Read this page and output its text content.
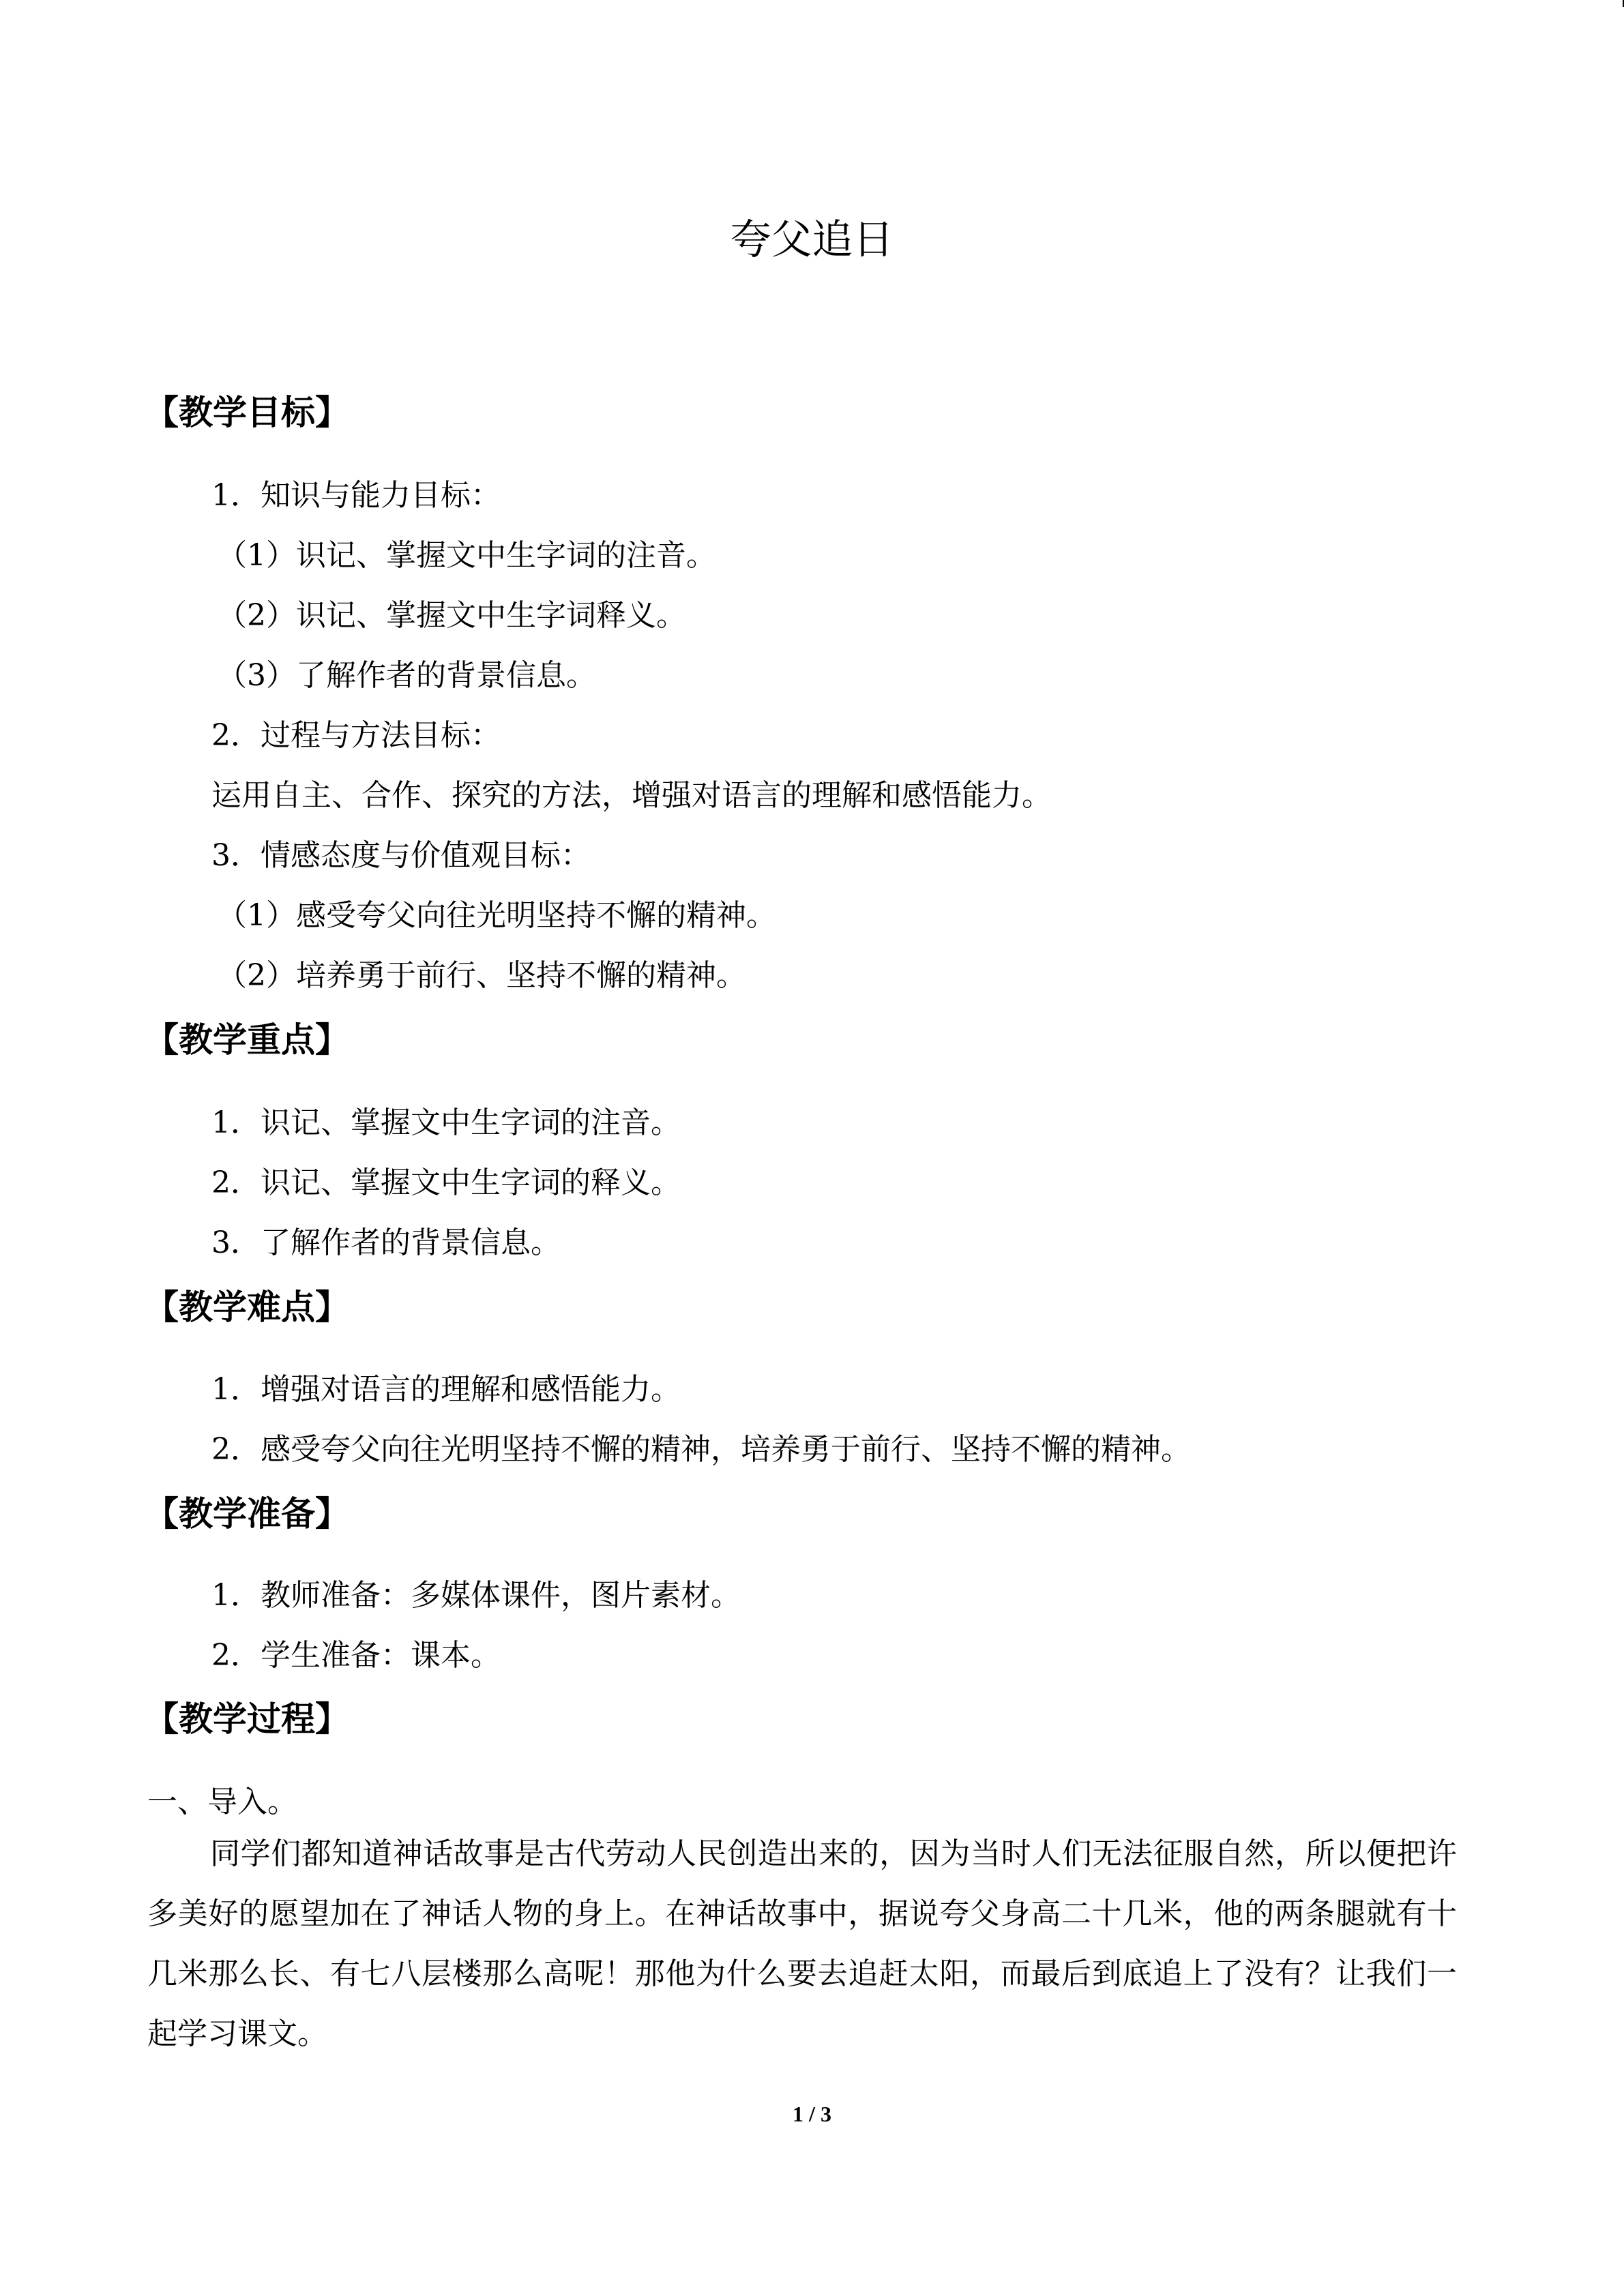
夸父追日
【教学目标】
1．知识与能力目标：
（1）识记、掌握文中生字词的注音。
（2）识记、掌握文中生字词释义。
（3）了解作者的背景信息。
2．过程与方法目标：
运用自主、合作、探究的方法，增强对语言的理解和感悟能力。
3．情感态度与价值观目标：
（1）感受夸父向往光明坚持不懈的精神。
（2）培养勇于前行、坚持不懈的精神。
【教学重点】
1．识记、掌握文中生字词的注音。
2．识记、掌握文中生字词的释义。
3．了解作者的背景信息。
【教学难点】
1．增强对语言的理解和感悟能力。
2．感受夸父向往光明坚持不懈的精神，培养勇于前行、坚持不懈的精神。
【教学准备】
1．教师准备：多媒体课件，图片素材。
2．学生准备：课本。
【教学过程】
一、导入。
同学们都知道神话故事是古代劳动人民创造出来的，因为当时人们无法征服自然，所以便把许多美好的愿望加在了神话人物的身上。在神话故事中，据说夸父身高二十几米，他的两条腿就有十几米那么长、有七八层楼那么高呢！那他为什么要去追赶太阳，而最后到底追上了没有？让我们一起学习课文。
1 / 3
